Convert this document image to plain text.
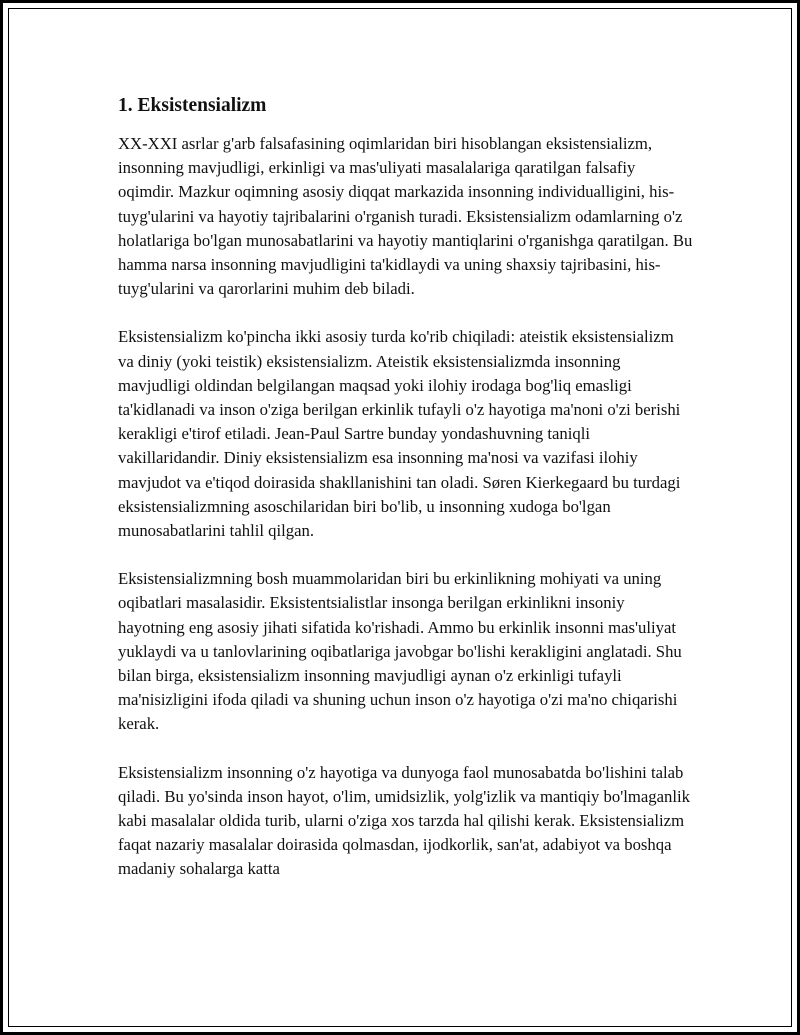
1. Eksistensializm

XX-XXI asrlar g'arb falsafasining oqimlaridan biri hisoblangan eksistensializm, insonning mavjudligi, erkinligi va mas'uliyati masalalariga qaratilgan falsafiy oqimdir. Mazkur oqimning asosiy diqqat markazida insonning individualligini, his-tuyg'ularini va hayotiy tajribalarini o'rganish turadi. Eksistensializm odamlarning o'z holatlariga bo'lgan munosabatlarini va hayotiy mantiqlarini o'rganishga qaratilgan. Bu hamma narsa insonning mavjudligini ta'kidlaydi va uning shaxsiy tajribasini, his-tuyg'ularini va qarorlarini muhim deb biladi.

Eksistensializm ko'pincha ikki asosiy turda ko'rib chiqiladi: ateistik eksistensializm va diniy (yoki teistik) eksistensializm. Ateistik eksistensializmda insonning mavjudligi oldindan belgilangan maqsad yoki ilohiy irodaga bog'liq emasligi ta'kidlanadi va inson o'ziga berilgan erkinlik tufayli o'z hayotiga ma'noni o'zi berishi kerakligi e'tirof etiladi. Jean-Paul Sartre bunday yondashuvning taniqli vakillaridandir. Diniy eksistensializm esa insonning ma'nosi va vazifasi ilohiy mavjudot va e'tiqod doirasida shakllanishini tan oladi. Søren Kierkegaard bu turdagi eksistensializmning asoschilaridan biri bo'lib, u insonning xudoga bo'lgan munosabatlarini tahlil qilgan.

Eksistensializmning bosh muammolaridan biri bu erkinlikning mohiyati va uning oqibatlari masalasidir. Eksistentsialistlar insonga berilgan erkinlikni insoniy hayotning eng asosiy jihati sifatida ko'rishadi. Ammo bu erkinlik insonni mas'uliyat yuklaydi va u tanlovlarining oqibatlariga javobgar bo'lishi kerakligini anglatadi. Shu bilan birga, eksistensializm insonning mavjudligi aynan o'z erkinligi tufayli ma'nisizligini ifoda qiladi va shuning uchun inson o'z hayotiga o'zi ma'no chiqarishi kerak.

Eksistensializm insonning o'z hayotiga va dunyoga faol munosabatda bo'lishini talab qiladi. Bu yo'sinda inson hayot, o'lim, umidsizlik, yolg'izlik va mantiqiy bo'lmaganlik kabi masalalar oldida turib, ularni o'ziga xos tarzda hal qilishi kerak. Eksistensializm faqat nazariy masalalar doirasida qolmasdan, ijodkorlik, san'at, adabiyot va boshqa madaniy sohalarga katta
